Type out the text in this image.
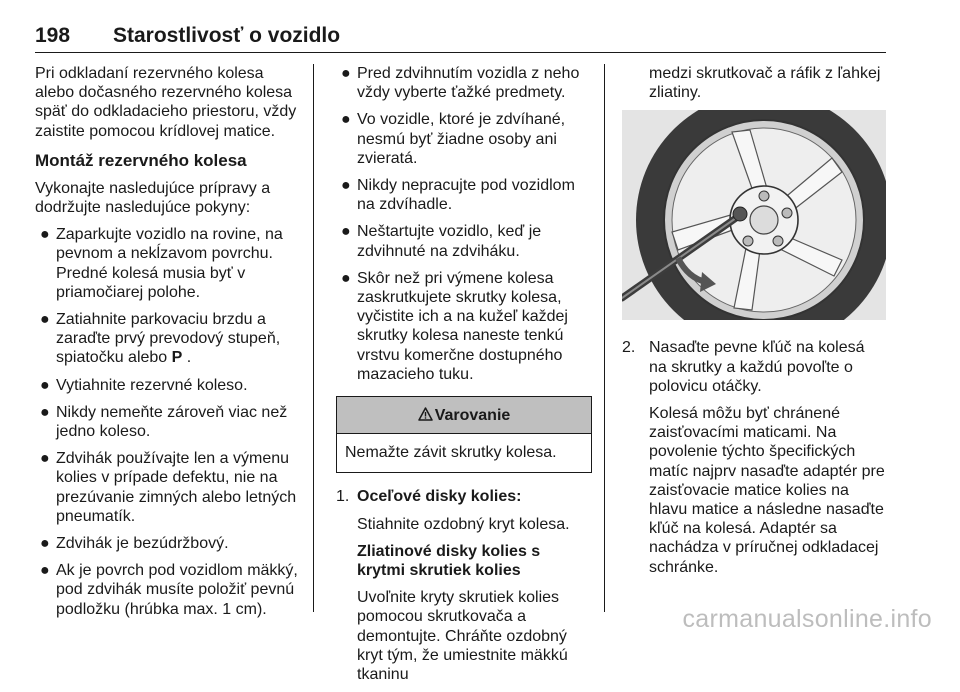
198 Starostlivosť o vozidlo

Pri odkladaní rezervného kolesa alebo dočasného rezervného kolesa späť do odkladacieho priestoru, vždy zaistite pomocou krídlovej matice.

Montáž rezervného kolesa

Vykonajte nasledujúce prípravy a dodržujte nasledujúce pokyny:

● Zaparkujte vozidlo na rovine, na pevnom a nekĺzavom povrchu. Predné kolesá musia byť v priamočiarej polohe.
● Zatiahnite parkovaciu brzdu a zaraďte prvý prevodový stupeň, spiatočku alebo P .
● Vytiahnite rezervné koleso.
● Nikdy nemeňte zároveň viac než jedno koleso.
● Zdvihák používajte len a výmenu kolies v prípade defektu, nie na prezúvanie zimných alebo letných pneumatík.
● Zdvihák je bezúdržbový.
● Ak je povrch pod vozidlom mäkký, pod zdvihák musíte položiť pevnú podložku (hrúbka max. 1 cm).
● Pred zdvihnutím vozidla z neho vždy vyberte ťažké predmety.
● Vo vozidle, ktoré je zdvíhané, nesmú byť žiadne osoby ani zvieratá.
● Nikdy nepracujte pod vozidlom na zdvíhadle.
● Neštartujte vozidlo, keď je zdvihnuté na zdviháku.
● Skôr než pri výmene kolesa zaskrutkujete skrutky kolesa, vyčistite ich a na kužeľ každej skrutky kolesa naneste tenkú vrstvu komerčne dostupného mazacieho tuku.
Varovanie
Nemažte závit skrutky kolesa.
1. Oceľové disky kolies:

Stiahnite ozdobný kryt kolesa.

Zliatinové disky kolies s krytmi skrutiek kolies

Uvoľnite kryty skrutiek kolies pomocou skrutkovača a demontujte. Chráňte ozdobný kryt tým, že umiestnite mäkkú tkaninu

medzi skrutkovač a ráfik z ľahkej zliatiny.

2. Nasaďte pevne kľúč na kolesá na skrutky a každú povoľte o polovicu otáčky.

Kolesá môžu byť chránené zaisťovacími maticami. Na povolenie týchto špecifických matíc najprv nasaďte adaptér pre zaisťovacie matice kolies na hlavu matice a následne nasaďte kľúč na kolesá. Adaptér sa nachádza v príručnej odkladacej schránke.

carmanualsonline.info
